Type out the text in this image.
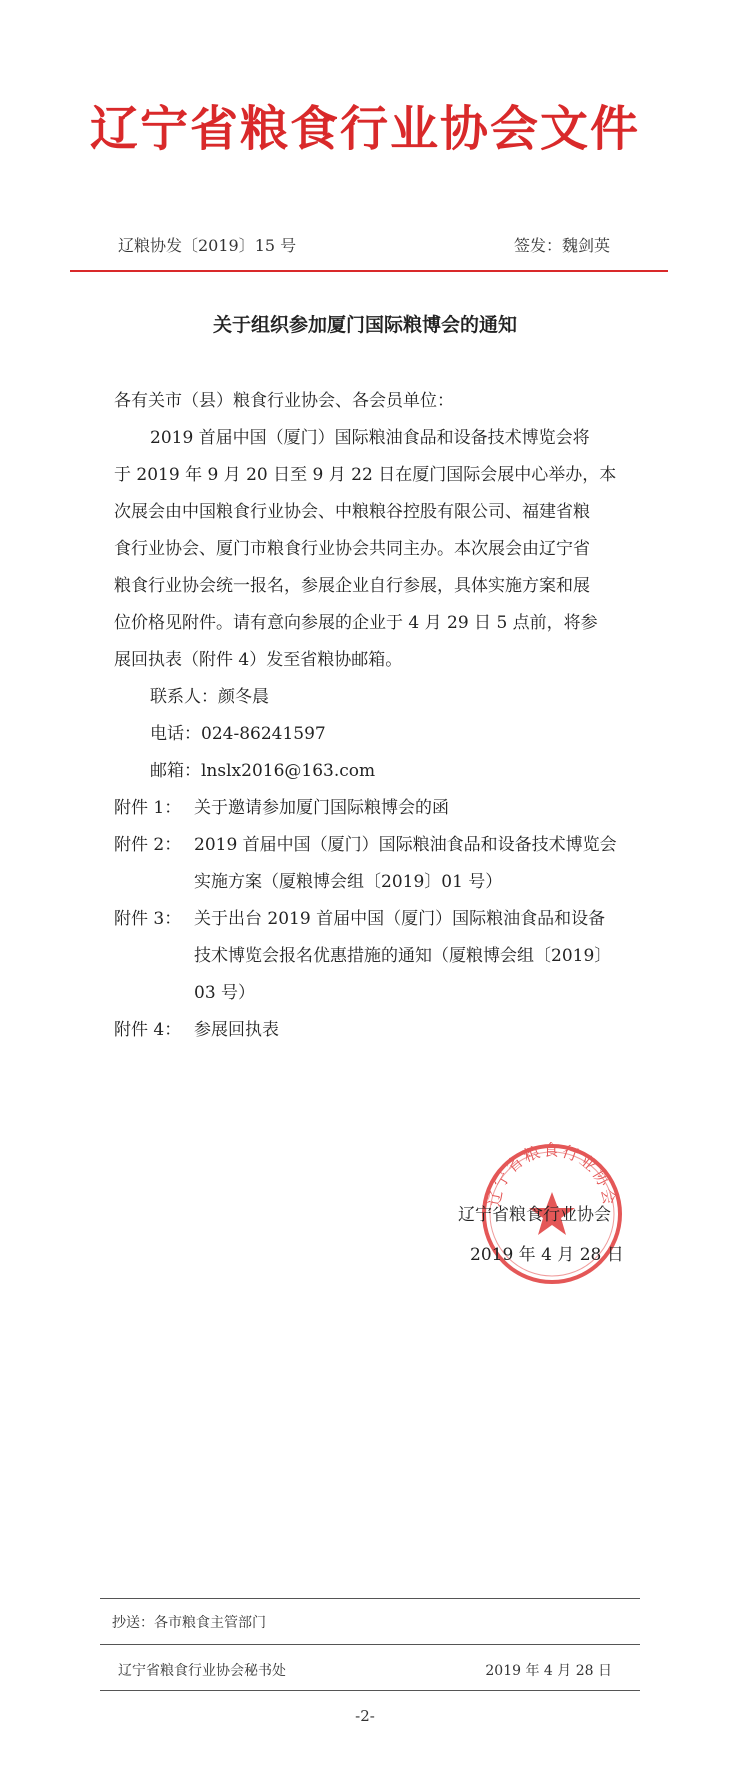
辽宁省粮食行业协会文件
辽粮协发〔2019〕15 号	签发：魏剑英
关于组织参加厦门国际粮博会的通知
各有关市（县）粮食行业协会、各会员单位：
2019 首届中国（厦门）国际粮油食品和设备技术博览会将
于 2019 年 9 月 20 日至 9 月 22 日在厦门国际会展中心举办，本
次展会由中国粮食行业协会、中粮粮谷控股有限公司、福建省粮
食行业协会、厦门市粮食行业协会共同主办。本次展会由辽宁省
粮食行业协会统一报名，参展企业自行参展，具体实施方案和展
位价格见附件。请有意向参展的企业于 4 月 29 日 5 点前，将参
展回执表（附件 4）发至省粮协邮箱。
联系人：颜冬晨
电话：024-86241597
邮箱：lnslx2016@163.com
附件 1： 关于邀请参加厦门国际粮博会的函
附件 2： 2019 首届中国（厦门）国际粮油食品和设备技术博览会
实施方案（厦粮博会组〔2019〕01 号）
附件 3： 关于出台 2019 首届中国（厦门）国际粮油食品和设备
技术博览会报名优惠措施的通知（厦粮博会组〔2019〕
03 号）
附件 4： 参展回执表
辽宁省粮食行业协会
辽宁省粮食行业协会
2019 年 4 月 28 日
抄送：各市粮食主管部门
辽宁省粮食行业协会秘书处	2019 年 4 月 28 日
-2-
